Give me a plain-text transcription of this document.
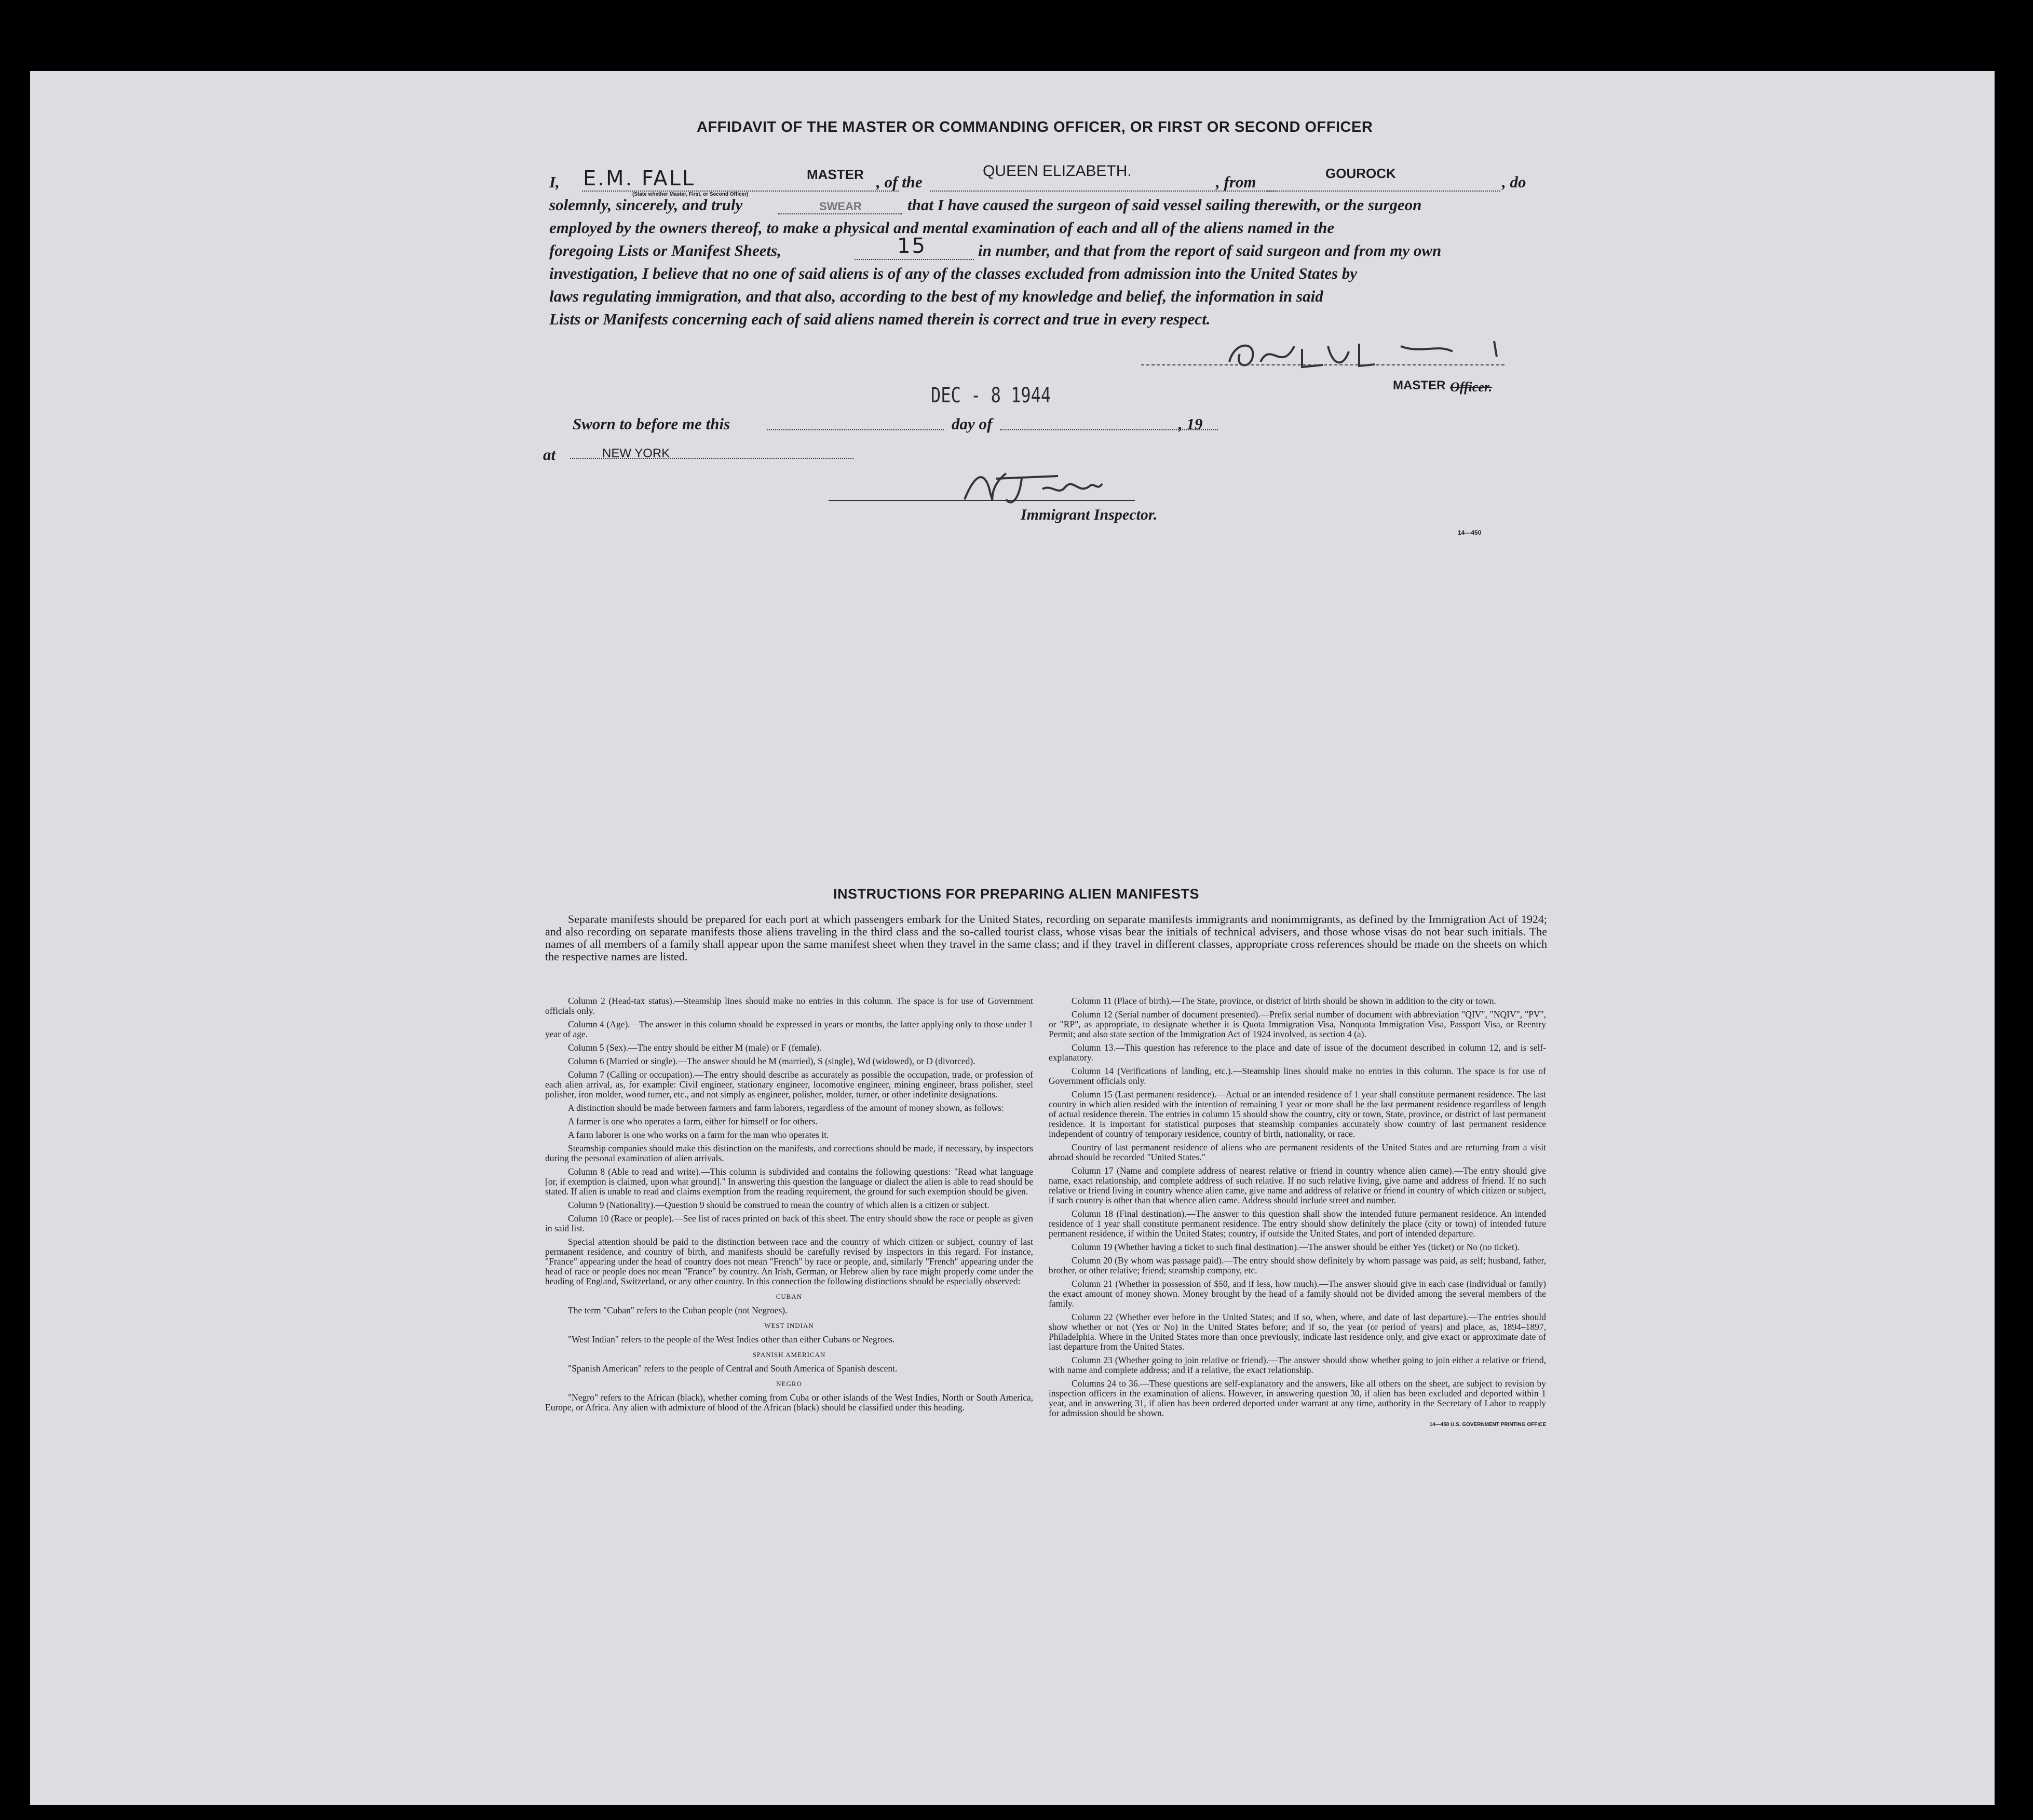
AFFIDAVIT OF THE MASTER OR COMMANDING OFFICER, OR FIRST OR SECOND OFFICER
I, E.M. FALL	MASTER
(State whether Master, First, or Second Officer)
, of the
QUEEN ELIZABETH.
, from	GOUROCK	, do
solemnly, sincerely, and truly	SWEAR	that I have caused the surgeon of said vessel sailing therewith, or the surgeon
employed by the owners thereof, to make a physical and mental examination of each and all of the aliens named in the
foregoing Lists or Manifest Sheets,	15	in number, and that from the report of said surgeon and from my own
investigation, I believe that no one of said aliens is of any of the classes excluded from admission into the United States by
laws regulating immigration, and that also, according to the best of my knowledge and belief, the information in said
Lists or Manifests concerning each of said aliens named therein is correct and true in every respect.
MASTER Officer.
DEC - 8 1944
Sworn to before me this	day of	, 19
at	NEW YORK
Immigrant Inspector.
14—450
INSTRUCTIONS FOR PREPARING ALIEN MANIFESTS

Separate manifests should be prepared for each port at which passengers embark for the United States, recording on separate manifests immigrants and nonimmigrants, as defined by the Immigration Act of 1924; and also recording on separate manifests those aliens traveling in the third class and the so-called tourist class, whose visas bear the initials of technical advisers, and those whose visas do not bear such initials. The names of all members of a family shall appear upon the same manifest sheet when they travel in the same class; and if they travel in different classes, appropriate cross references should be made on the sheets on which the respective names are listed.

Column 2 (Head-tax status).—Steamship lines should make no entries in this column. The space is for use of Government officials only.

Column 4 (Age).—The answer in this column should be expressed in years or months, the latter applying only to those under 1 year of age.

Column 5 (Sex).—The entry should be either M (male) or F (female).

Column 6 (Married or single).—The answer should be M (married), S (single), Wd (widowed), or D (divorced).

Column 7 (Calling or occupation).—The entry should describe as accurately as possible the occupation, trade, or profession of each alien arrival, as, for example: Civil engineer, stationary engineer, locomotive engineer, mining engineer, brass polisher, steel polisher, iron molder, wood turner, etc., and not simply as engineer, polisher, molder, turner, or other indefinite designations.

A distinction should be made between farmers and farm laborers, regardless of the amount of money shown, as follows:

A farmer is one who operates a farm, either for himself or for others.

A farm laborer is one who works on a farm for the man who operates it.

Steamship companies should make this distinction on the manifests, and corrections should be made, if necessary, by inspectors during the personal examination of alien arrivals.

Column 8 (Able to read and write).—This column is subdivided and contains the following questions: "Read what language [or, if exemption is claimed, upon what ground]." In answering this question the language or dialect the alien is able to read should be stated. If alien is unable to read and claims exemption from the reading requirement, the ground for such exemption should be given.

Column 9 (Nationality).—Question 9 should be construed to mean the country of which alien is a citizen or subject.

Column 10 (Race or people).—See list of races printed on back of this sheet. The entry should show the race or people as given in said list.

Special attention should be paid to the distinction between race and the country of which citizen or subject, country of last permanent residence, and country of birth, and manifests should be carefully revised by inspectors in this regard. For instance, "France" appearing under the head of country does not mean "French" by race or people, and, similarly "French" appearing under the head of race or people does not mean "France" by country. An Irish, German, or Hebrew alien by race might properly come under the heading of England, Switzerland, or any other country. In this connection the following distinctions should be especially observed:

CUBAN

The term "Cuban" refers to the Cuban people (not Negroes).

WEST INDIAN

"West Indian" refers to the people of the West Indies other than either Cubans or Negroes.

SPANISH AMERICAN

"Spanish American" refers to the people of Central and South America of Spanish descent.

NEGRO

"Negro" refers to the African (black), whether coming from Cuba or other islands of the West Indies, North or South America, Europe, or Africa. Any alien with admixture of blood of the African (black) should be classified under this heading.

Column 11 (Place of birth).—The State, province, or district of birth should be shown in addition to the city or town.

Column 12 (Serial number of document presented).—Prefix serial number of document with abbreviation "QIV", "NQIV", "PV", or "RP", as appropriate, to designate whether it is Quota Immigration Visa, Nonquota Immigration Visa, Passport Visa, or Reentry Permit; and also state section of the Immigration Act of 1924 involved, as section 4 (a).

Column 13.—This question has reference to the place and date of issue of the document described in column 12, and is self-explanatory.

Column 14 (Verifications of landing, etc.).—Steamship lines should make no entries in this column. The space is for use of Government officials only.

Column 15 (Last permanent residence).—Actual or an intended residence of 1 year shall constitute permanent residence. The last country in which alien resided with the intention of remaining 1 year or more shall be the last permanent residence regardless of length of actual residence therein. The entries in column 15 should show the country, city or town, State, province, or district of last permanent residence. It is important for statistical purposes that steamship companies accurately show country of last permanent residence independent of country of temporary residence, country of birth, nationality, or race.

Country of last permanent residence of aliens who are permanent residents of the United States and are returning from a visit abroad should be recorded "United States."

Column 17 (Name and complete address of nearest relative or friend in country whence alien came).—The entry should give name, exact relationship, and complete address of such relative. If no such relative living, give name and address of friend. If no such relative or friend living in country whence alien came, give name and address of relative or friend in country of which citizen or subject, if such country is other than that whence alien came. Address should include street and number.

Column 18 (Final destination).—The answer to this question shall show the intended future permanent residence. An intended residence of 1 year shall constitute permanent residence. The entry should show definitely the place (city or town) of intended future permanent residence, if within the United States; country, if outside the United States, and port of intended departure.

Column 19 (Whether having a ticket to such final destination).—The answer should be either Yes (ticket) or No (no ticket).

Column 20 (By whom was passage paid).—The entry should show definitely by whom passage was paid, as self; husband, father, brother, or other relative; friend; steamship company, etc.

Column 21 (Whether in possession of $50, and if less, how much).—The answer should give in each case (individual or family) the exact amount of money shown. Money brought by the head of a family should not be divided among the several members of the family.

Column 22 (Whether ever before in the United States; and if so, when, where, and date of last departure).—The entries should show whether or not (Yes or No) in the United States before; and if so, the year (or period of years) and place, as, 1894–1897, Philadelphia. Where in the United States more than once previously, indicate last residence only, and give exact or approximate date of last departure from the United States.

Column 23 (Whether going to join relative or friend).—The answer should show whether going to join either a relative or friend, with name and complete address; and if a relative, the exact relationship.

Columns 24 to 36.—These questions are self-explanatory and the answers, like all others on the sheet, are subject to revision by inspection officers in the examination of aliens. However, in answering question 30, if alien has been excluded and deported within 1 year, and in answering 31, if alien has been ordered deported under warrant at any time, authority in the Secretary of Labor to reapply for admission should be shown.

14—450 U.S. GOVERNMENT PRINTING OFFICE
